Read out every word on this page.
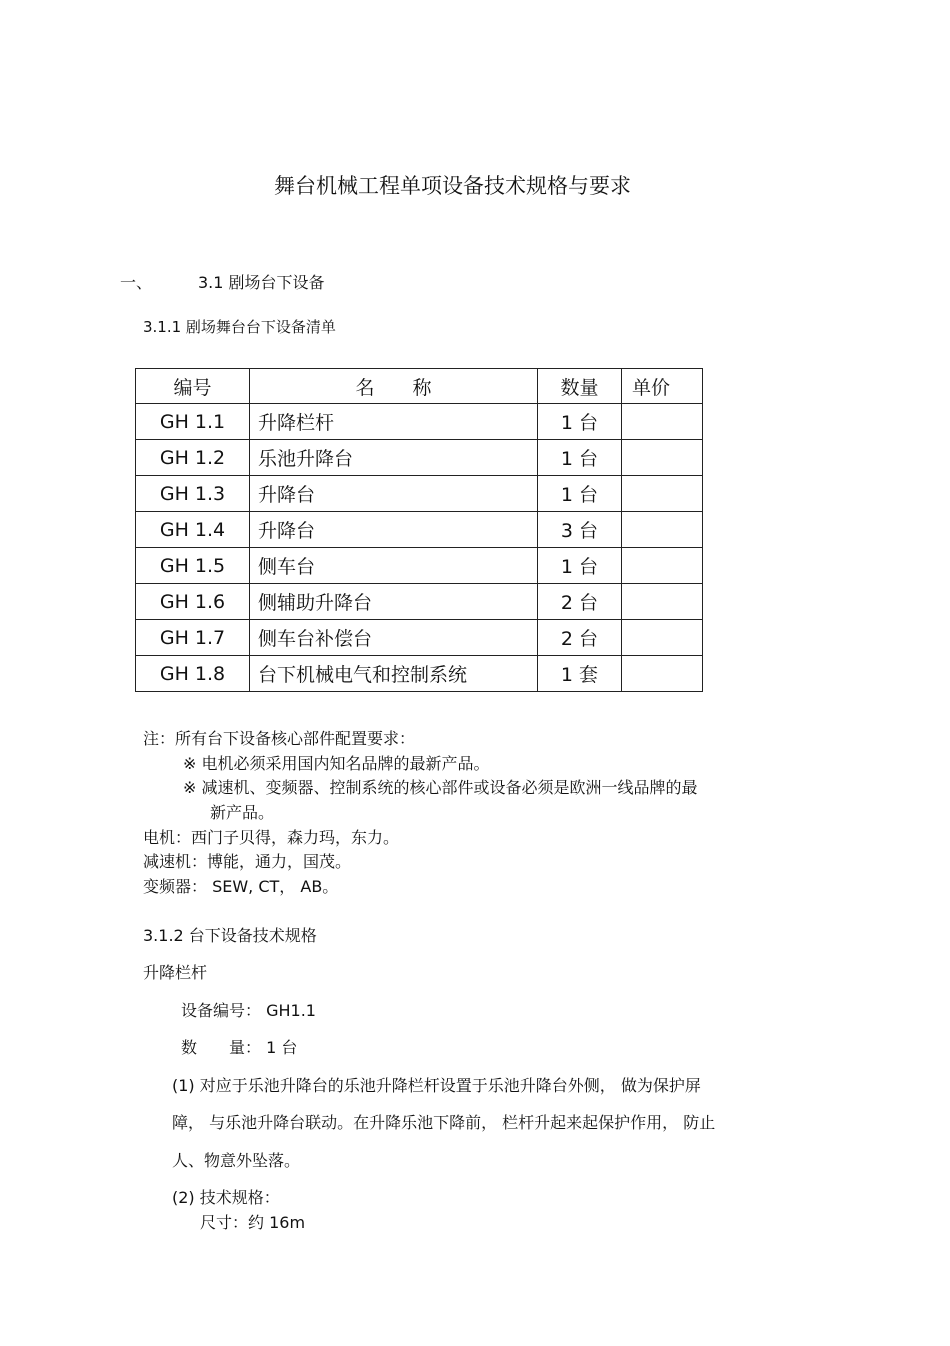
舞台机械工程单项设备技术规格与要求
一、	3.1 剧场台下设备
3.1.1 剧场舞台台下设备清单
编号	名　　称	数量	单价
GH 1.1	升降栏杆	1 台	
GH 1.2	乐池升降台	1 台	
GH 1.3	升降台	1 台	
GH 1.4	升降台	3 台	
GH 1.5	侧车台	1 台	
GH 1.6	侧辅助升降台	2 台	
GH 1.7	侧车台补偿台	2 台	
GH 1.8	台下机械电气和控制系统	1 套	
注：所有台下设备核心部件配置要求：
※ 电机必须采用国内知名品牌的最新产品。
※ 减速机、变频器、控制系统的核心部件或设备必须是欧洲一线品牌的最
新产品。
电机：西门子贝得，森力玛，东力。
减速机：博能，通力，国茂。
变频器： SEW, CT， AB。
3.1.2 台下设备技术规格
升降栏杆
设备编号： GH1.1
数　　量： 1 台
(1) 对应于乐池升降台的乐池升降栏杆设置于乐池升降台外侧， 做为保护屏
障， 与乐池升降台联动。在升降乐池下降前， 栏杆升起来起保护作用， 防止
人、物意外坠落。
(2) 技术规格：
尺寸：约 16m
